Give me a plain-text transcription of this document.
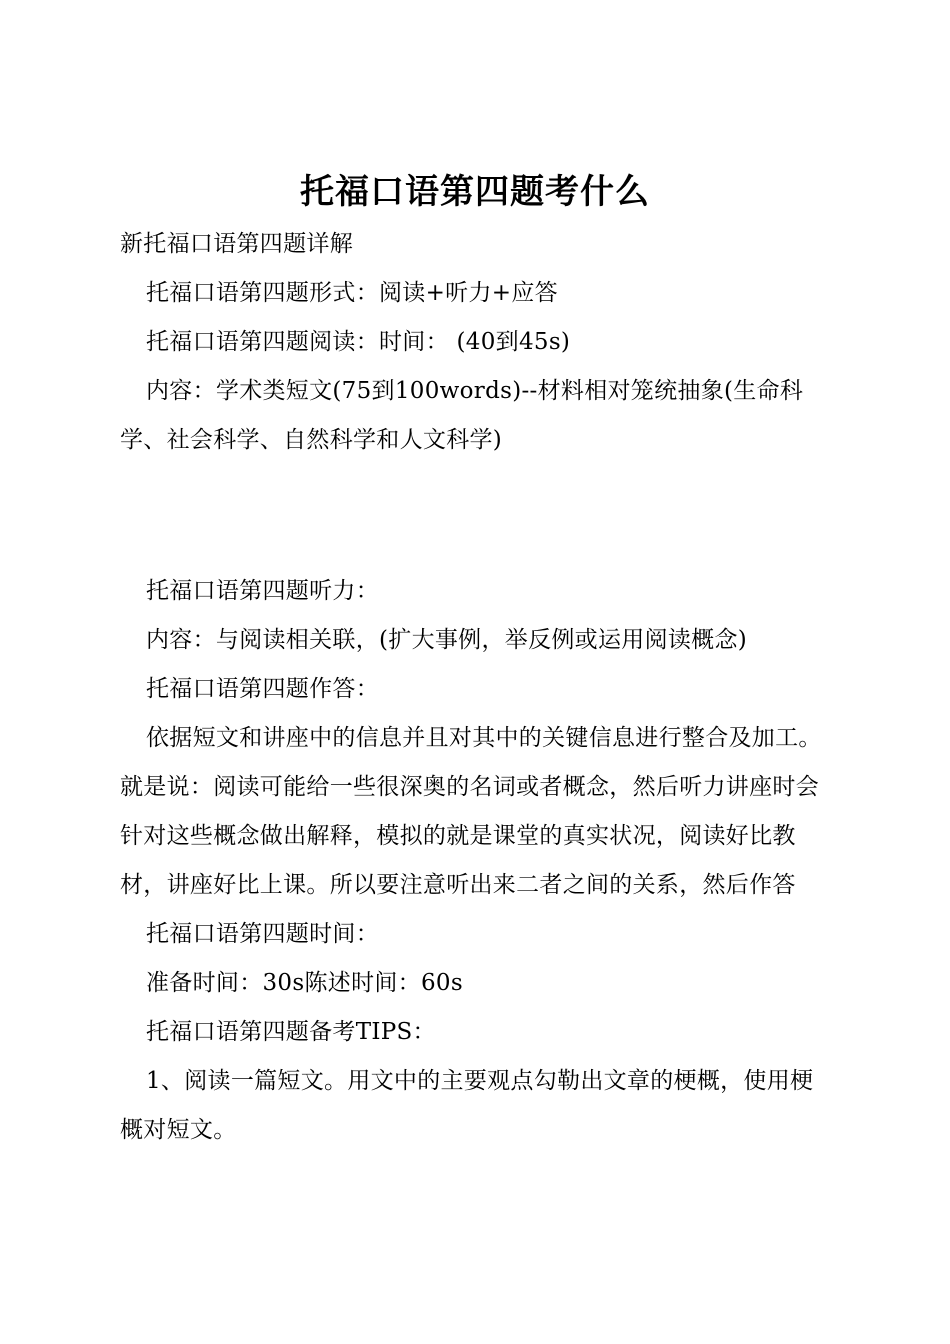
托福口语第四题考什么

新托福口语第四题详解

托福口语第四题形式：阅读+听力+应答

托福口语第四题阅读：时间： (40到45s)

内容：学术类短文(75到100words)--材料相对笼统抽象(生命科学、社会科学、自然科学和人文科学)

托福口语第四题听力：

内容：与阅读相关联，(扩大事例，举反例或运用阅读概念)

托福口语第四题作答：

依据短文和讲座中的信息并且对其中的关键信息进行整合及加工。就是说：阅读可能给一些很深奥的名词或者概念，然后听力讲座时会针对这些概念做出解释，模拟的就是课堂的真实状况，阅读好比教材，讲座好比上课。所以要注意听出来二者之间的关系，然后作答

托福口语第四题时间：

准备时间：30s陈述时间：60s

托福口语第四题备考TIPS：

1、阅读一篇短文。用文中的主要观点勾勒出文章的梗概，使用梗概对短文。
